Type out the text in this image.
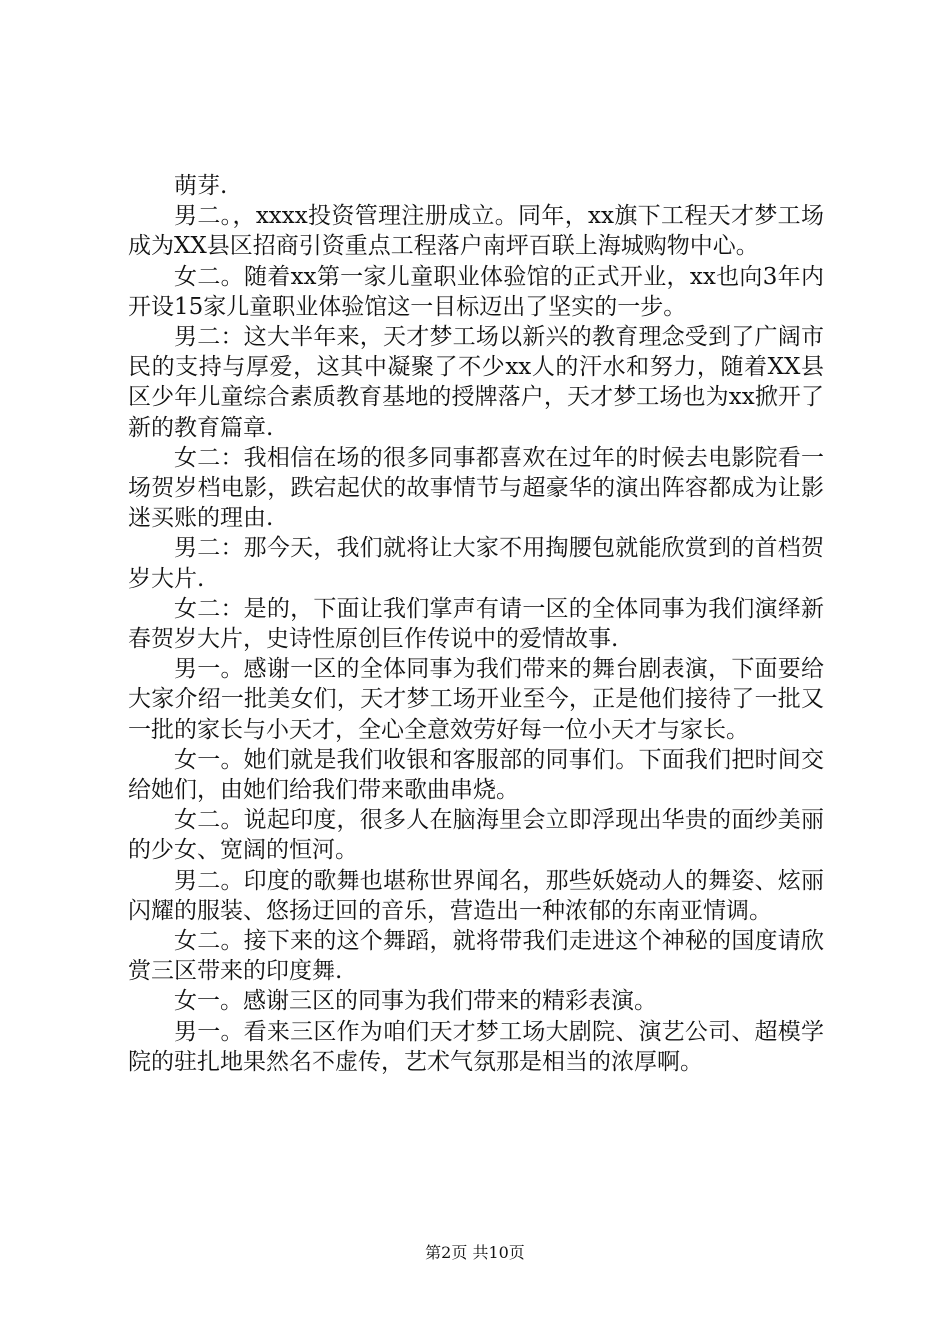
萌芽.

男二。，xxxx投资管理注册成立。同年，xx旗下工程天才梦工场成为XX县区招商引资重点工程落户南坪百联上海城购物中心。

女二。随着xx第一家儿童职业体验馆的正式开业，xx也向3年内开设15家儿童职业体验馆这一目标迈出了坚实的一步。

男二：这大半年来，天才梦工场以新兴的教育理念受到了广阔市民的支持与厚爱，这其中凝聚了不少xx人的汗水和努力，随着XX县区少年儿童综合素质教育基地的授牌落户，天才梦工场也为xx掀开了新的教育篇章.

女二：我相信在场的很多同事都喜欢在过年的时候去电影院看一场贺岁档电影，跌宕起伏的故事情节与超豪华的演出阵容都成为让影迷买账的理由.

男二：那今天，我们就将让大家不用掏腰包就能欣赏到的首档贺岁大片.

女二：是的，下面让我们掌声有请一区的全体同事为我们演绎新春贺岁大片，史诗性原创巨作传说中的爱情故事.

男一。感谢一区的全体同事为我们带来的舞台剧表演，下面要给大家介绍一批美女们，天才梦工场开业至今，正是他们接待了一批又一批的家长与小天才，全心全意效劳好每一位小天才与家长。

女一。她们就是我们收银和客服部的同事们。下面我们把时间交给她们，由她们给我们带来歌曲串烧。

女二。说起印度，很多人在脑海里会立即浮现出华贵的面纱美丽的少女、宽阔的恒河。

男二。印度的歌舞也堪称世界闻名，那些妖娆动人的舞姿、炫丽闪耀的服装、悠扬迂回的音乐，营造出一种浓郁的东南亚情调。

女二。接下来的这个舞蹈，就将带我们走进这个神秘的国度请欣赏三区带来的印度舞.

女一。感谢三区的同事为我们带来的精彩表演。

男一。看来三区作为咱们天才梦工场大剧院、演艺公司、超模学院的驻扎地果然名不虚传，艺术气氛那是相当的浓厚啊。

第2页 共10页
